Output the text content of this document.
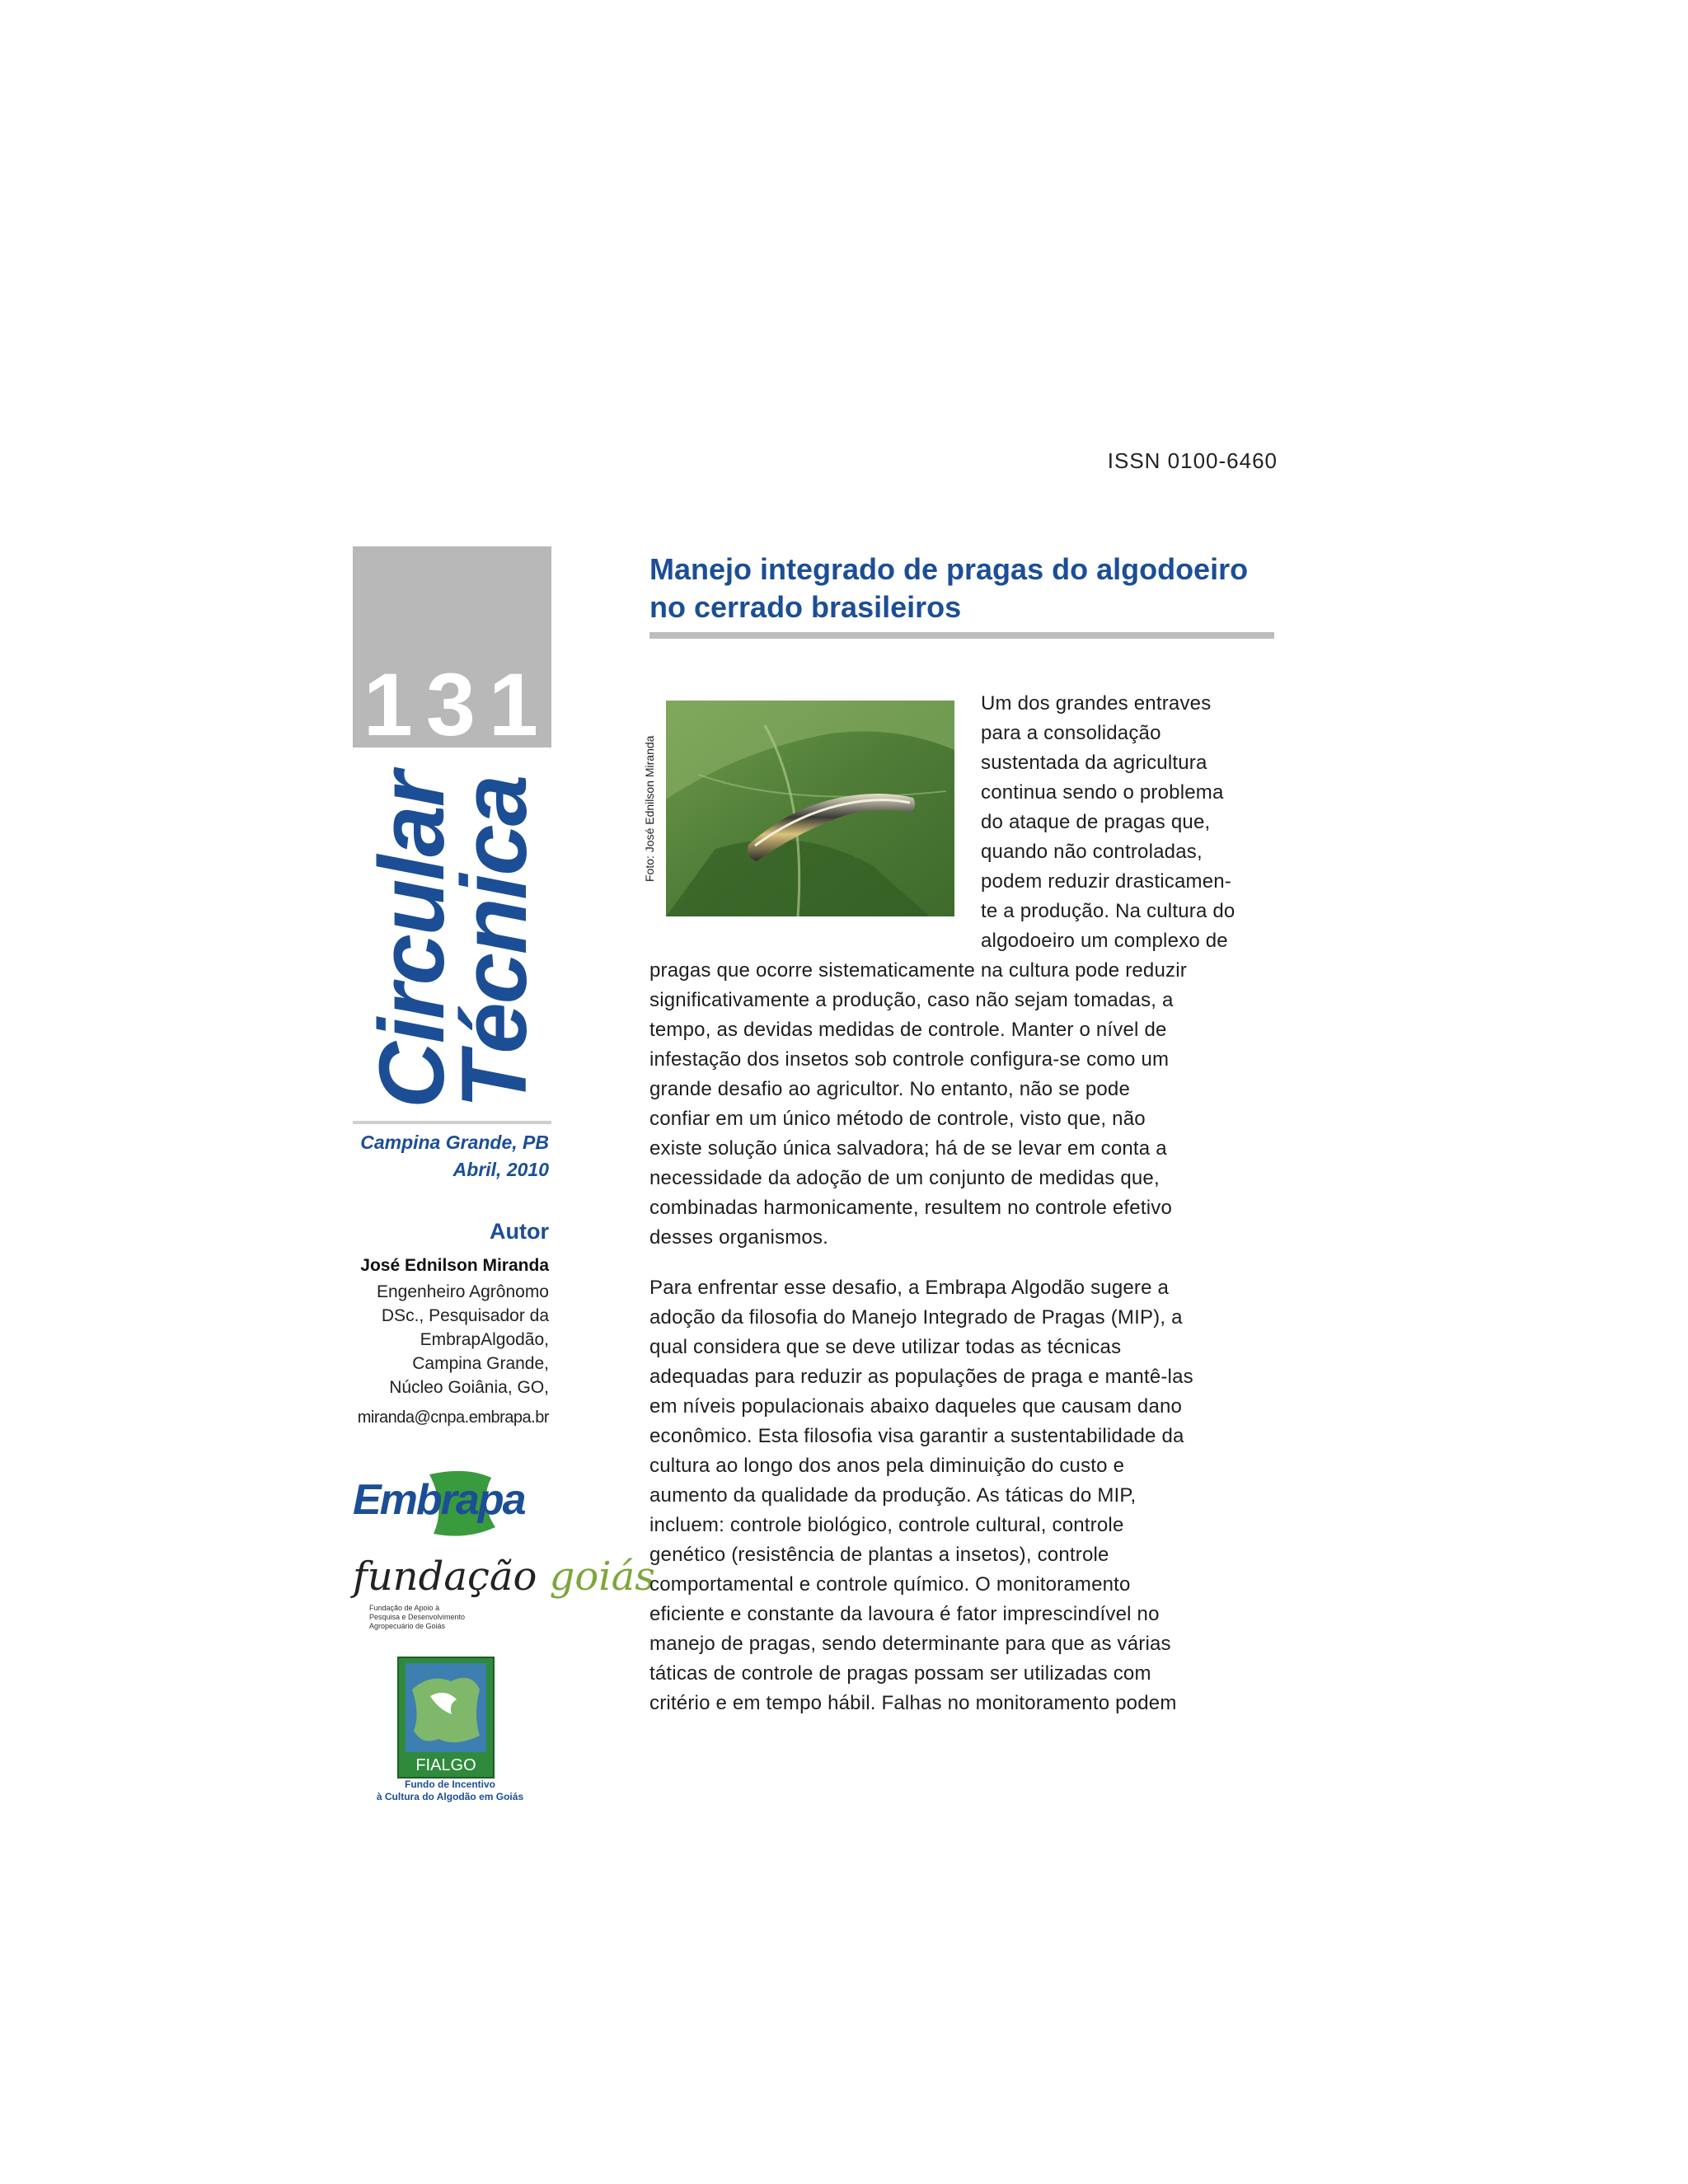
ISSN 0100-6460
131
Circular
Técnica
Campina Grande, PB
Abril, 2010
Autor
José Ednilson Miranda
Engenheiro Agrônomo
DSc., Pesquisador da
EmbrapAlgodão,
Campina Grande,
Núcleo Goiânia, GO,
miranda@cnpa.embrapa.br
Embrapa
fundação goiás
Fundação de Apoio à
Pesquisa e Desenvolvimento
Agropecuário de Goiás
FIALGO
Fundo de Incentivo
à Cultura do Algodão em Goiás
Manejo integrado de pragas do algodoeiro
no cerrado brasileiros
Foto: José Ednilson Miranda
Um dos grandes entraves
para a consolidação
sustentada da agricultura
continua sendo o problema
do ataque de pragas que,
quando não controladas,
podem reduzir drasticamen-
te a produção. Na cultura do
algodoeiro um complexo de
pragas que ocorre sistematicamente na cultura pode reduzir
significativamente a produção, caso não sejam tomadas, a
tempo, as devidas medidas de controle. Manter o nível de
infestação dos insetos sob controle configura-se como um
grande desafio ao agricultor. No entanto, não se pode
confiar em um único método de controle, visto que, não
existe solução única salvadora; há de se levar em conta a
necessidade da adoção de um conjunto de medidas que,
combinadas harmonicamente, resultem no controle efetivo
desses organismos.
Para enfrentar esse desafio, a Embrapa Algodão sugere a
adoção da filosofia do Manejo Integrado de Pragas (MIP), a
qual considera que se deve utilizar todas as técnicas
adequadas para reduzir as populações de praga e mantê-las
em níveis populacionais abaixo daqueles que causam dano
econômico. Esta filosofia visa garantir a sustentabilidade da
cultura ao longo dos anos pela diminuição do custo e
aumento da qualidade da produção. As táticas do MIP,
incluem: controle biológico, controle cultural, controle
genético (resistência de plantas a insetos), controle
comportamental e controle químico. O monitoramento
eficiente e constante da lavoura é fator imprescindível no
manejo de pragas, sendo determinante para que as várias
táticas de controle de pragas possam ser utilizadas com
critério e em tempo hábil. Falhas no monitoramento podem
